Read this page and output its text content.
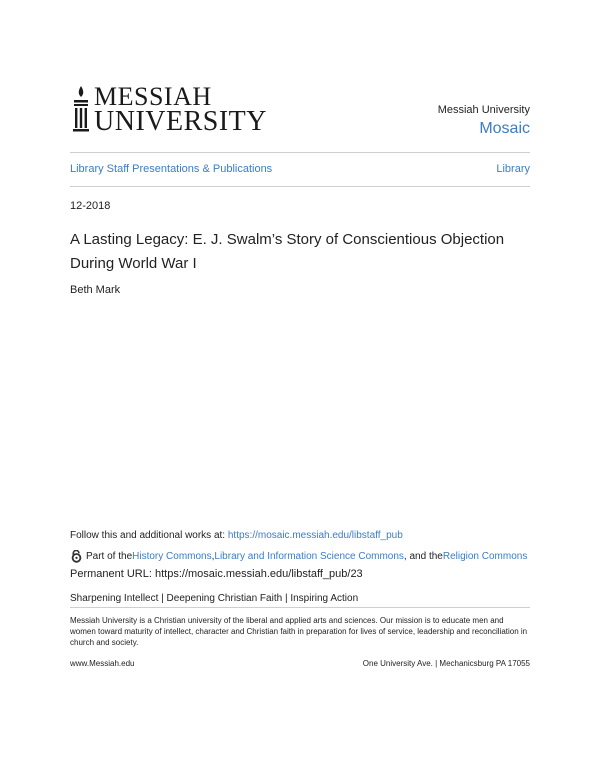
MESSIAH
UNIVERSITY	Messiah University
Mosaic
Library Staff Presentations & Publications	Library
12-2018
A Lasting Legacy: E. J. Swalm’s Story of Conscientious Objection During World War I
Beth Mark
Follow this and additional works at: https://mosaic.messiah.edu/libstaff_pub
Part of the History Commons , Library and Information Science Commons , and the Religion Commons
Permanent URL: https://mosaic.messiah.edu/libstaff_pub/23
Sharpening Intellect | Deepening Christian Faith | Inspiring Action
Messiah University is a Christian university of the liberal and applied arts and sciences. Our mission is to educate men and women toward maturity of intellect, character and Christian faith in preparation for lives of service, leadership and reconciliation in church and society.
www.Messiah.edu	One University Ave. | Mechanicsburg PA 17055
